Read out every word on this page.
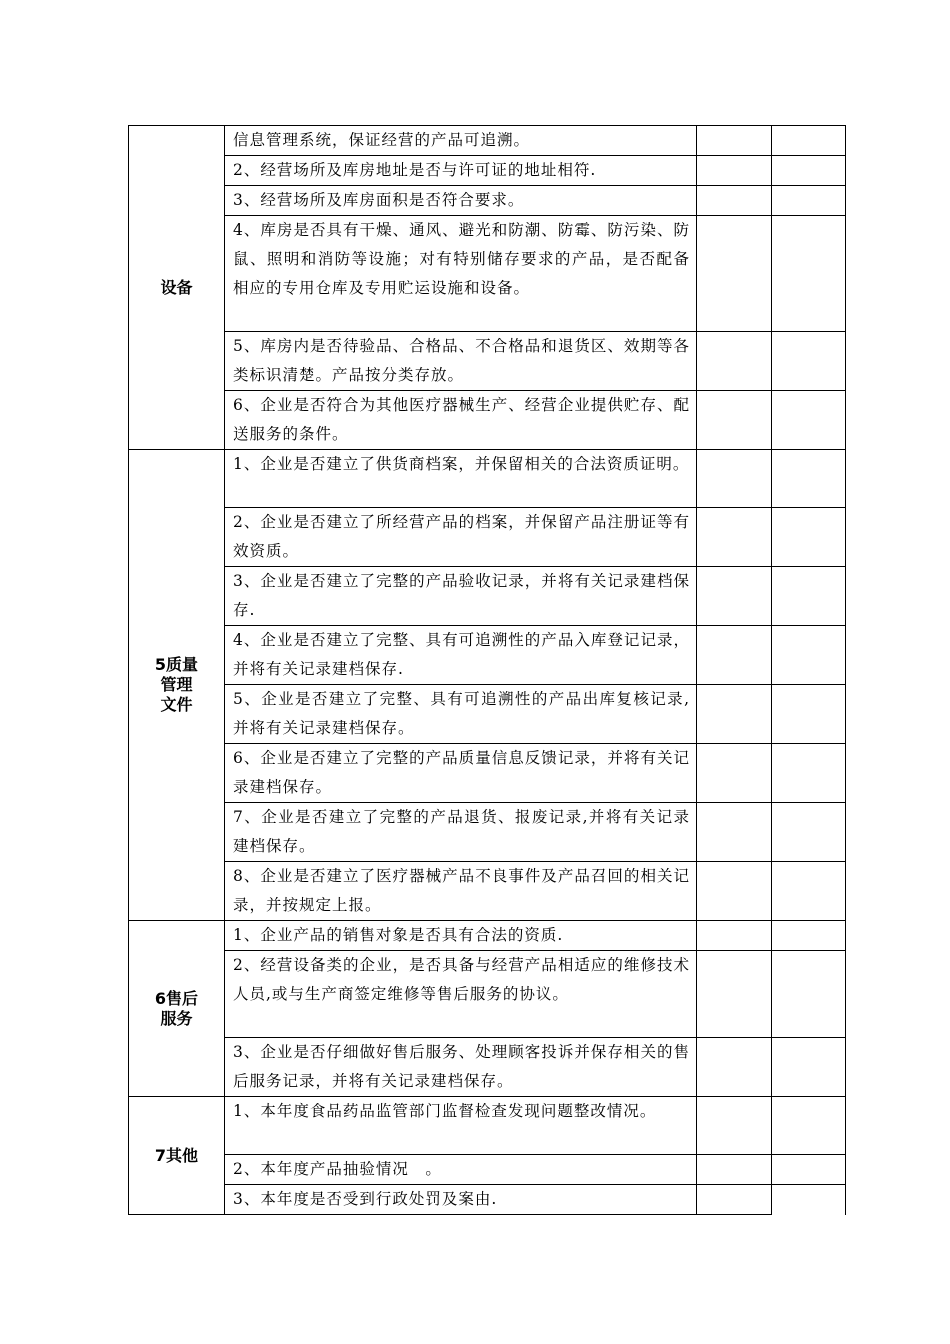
设备	信息管理系统，保证经营的产品可追溯。		
	2、经营场所及库房地址是否与许可证的地址相符.		
	3、经营场所及库房面积是否符合要求。		
	4、库房是否具有干燥、通风、避光和防潮、防霉、防污染、防鼠、照明和消防等设施；对有特别储存要求的产品，是否配备相应的专用仓库及专用贮运设施和设备。		
	5、库房内是否待验品、合格品、不合格品和退货区、效期等各类标识清楚。产品按分类存放。		
	6、企业是否符合为其他医疗器械生产、经营企业提供贮存、配送服务的条件。		

5质量
管理
文件	1、企业是否建立了供货商档案，并保留相关的合法资质证明。		
	2、企业是否建立了所经营产品的档案，并保留产品注册证等有效资质。		
	3、企业是否建立了完整的产品验收记录，并将有关记录建档保存.		
	4、企业是否建立了完整、具有可追溯性的产品入库登记记录，并将有关记录建档保存.		
	5、企业是否建立了完整、具有可追溯性的产品出库复核记录,并将有关记录建档保存。		
	6、企业是否建立了完整的产品质量信息反馈记录，并将有关记录建档保存。		
	7、企业是否建立了完整的产品退货、报废记录,并将有关记录建档保存。		
	8、企业是否建立了医疗器械产品不良事件及产品召回的相关记录，并按规定上报。		

6售后
服务	1、企业产品的销售对象是否具有合法的资质.		
	2、经营设备类的企业，是否具备与经营产品相适应的维修技术人员,或与生产商签定维修等售后服务的协议。		
	3、企业是否仔细做好售后服务、处理顾客投诉并保存相关的售后服务记录，并将有关记录建档保存。		

7其他	1、本年度食品药品监管部门监督检查发现问题整改情况。		
	2、本年度产品抽验情况　。		
	3、本年度是否受到行政处罚及案由.		
